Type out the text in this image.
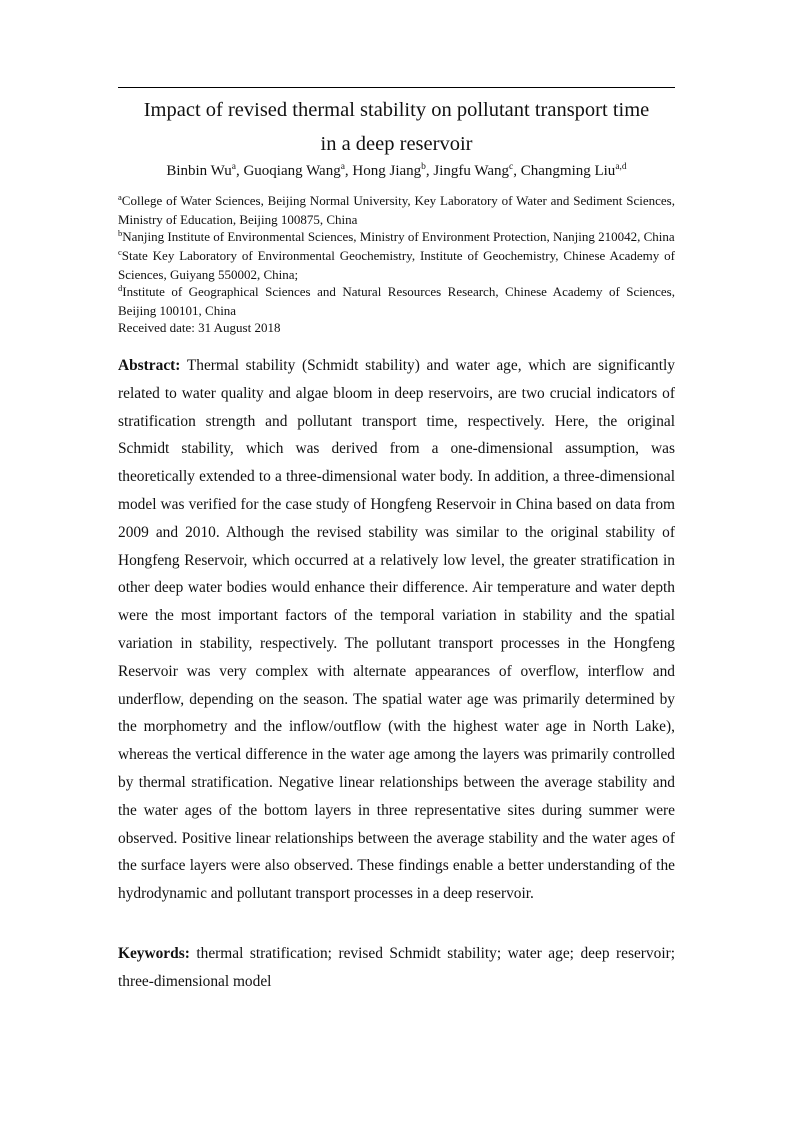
Impact of revised thermal stability on pollutant transport time
in a deep reservoir
Binbin Wu$^a$, Guoqiang Wang$^a$, Hong Jiang$^b$, Jingfu Wang$^c$, Changming Liu$^{a,d}$

$^a$College of Water Sciences, Beijing Normal University, Key Laboratory of Water and Sediment Sciences, Ministry of Education, Beijing 100875, China

$^b$Nanjing Institute of Environmental Sciences, Ministry of Environment Protection, Nanjing 210042, China

$^c$State Key Laboratory of Environmental Geochemistry, Institute of Geochemistry, Chinese Academy of Sciences, Guiyang 550002, China;

$^d$Institute of Geographical Sciences and Natural Resources Research, Chinese Academy of Sciences, Beijing 100101, China

Received date: 31 August 2018

Abstract: Thermal stability (Schmidt stability) and water age, which are significantly related to water quality and algae bloom in deep reservoirs, are two crucial indicators of stratification strength and pollutant transport time, respectively. Here, the original Schmidt stability, which was derived from a one-dimensional assumption, was theoretically extended to a three-dimensional water body. In addition, a three-dimensional model was verified for the case study of Hongfeng Reservoir in China based on data from 2009 and 2010. Although the revised stability was similar to the original stability of Hongfeng Reservoir, which occurred at a relatively low level, the greater stratification in other deep water bodies would enhance their difference. Air temperature and water depth were the most important factors of the temporal variation in stability and the spatial variation in stability, respectively. The pollutant transport processes in the Hongfeng Reservoir was very complex with alternate appearances of overflow, interflow and underflow, depending on the season. The spatial water age was primarily determined by the morphometry and the inflow/outflow (with the highest water age in North Lake), whereas the vertical difference in the water age among the layers was primarily controlled by thermal stratification. Negative linear relationships between the average stability and the water ages of the bottom layers in three representative sites during summer were observed. Positive linear relationships between the average stability and the water ages of the surface layers were also observed. These findings enable a better understanding of the hydrodynamic and pollutant transport processes in a deep reservoir.

Keywords: thermal stratification; revised Schmidt stability; water age; deep reservoir; three-dimensional model
